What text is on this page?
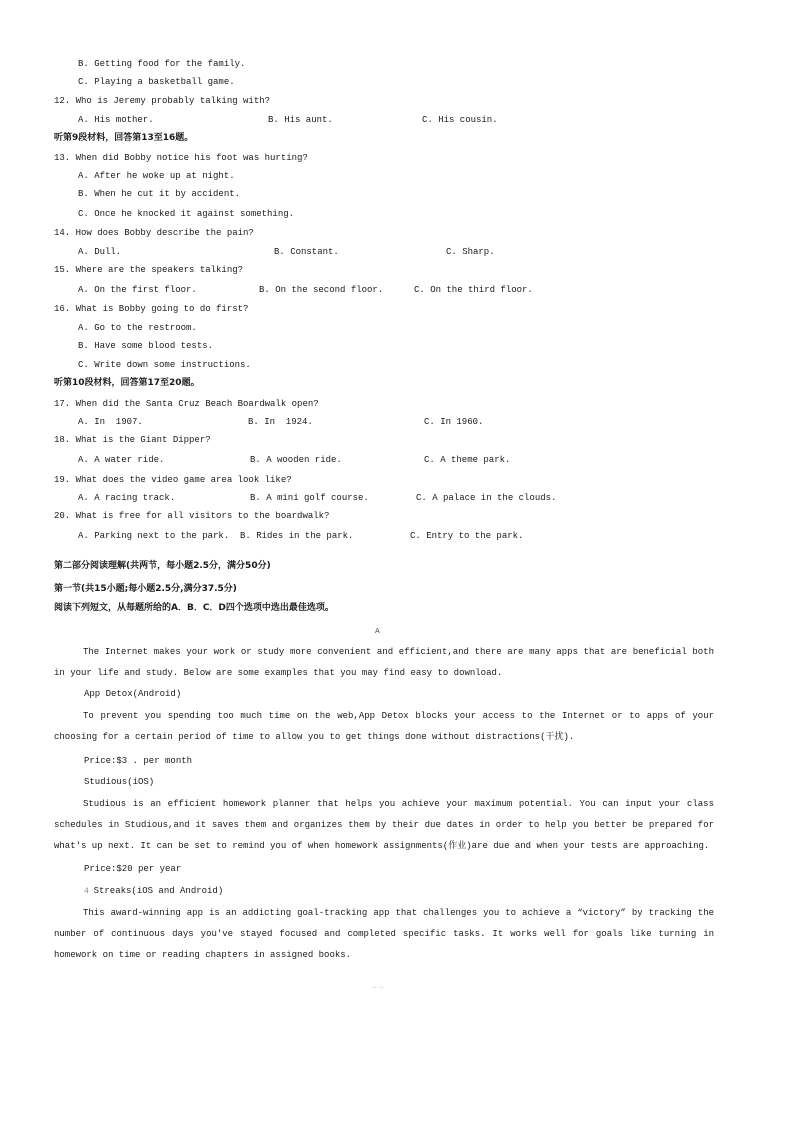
B. Getting food for the family.
C. Playing a basketball game.
12. Who is Jeremy probably talking with?
A. His mother.	B. His aunt.	C. His cousin.
听第9段材料，回答第13至16题。
13. When did Bobby notice his foot was hurting?
A. After he woke up at night.
B. When he cut it by accident.
C. Once he knocked it against something.
14. How does Bobby describe the pain?
A. Dull.	B. Constant.	C. Sharp.
15. Where are the speakers talking?
A. On the first floor.	B. On the second floor.	C. On the third floor.
16. What is Bobby going to do first?
A. Go to the restroom.
B. Have some blood tests.
C. Write down some instructions.
听第10段材料，回答第17至20题。
17. When did the Santa Cruz Beach Boardwalk open?
A. In  1907.	B. In  1924.	C. In 1960.
18. What is the Giant Dipper?
A. A water ride.	B. A wooden ride.	C. A theme park.
19. What does the video game area look like?
A. A racing track.	B. A mini golf course.	C. A palace in the clouds.
20. What is free for all visitors to the boardwalk?
A. Parking next to the park. B. Rides in the park.	C. Entry to the park.
第二部分阅读理解(共两节，每小题2.5分，满分50分)
第一节(共15小题;每小题2.5分,满分37.5分)
阅读下列短文，从每题所给的A．B．C．D四个选项中选出最佳选项。
A
The Internet makes your work or study more convenient and efficient,and there are many apps that are beneficial both in your life and study. Below are some examples that you may find easy to download.
App Detox(Android)
To prevent you spending too much time on the web,App Detox blocks your access to the Internet or to apps of your choosing for a certain period of time to allow you to get things done without distractions(干扰).
Price:$3 . per month
Studious(iOS)
Studious is an efficient homework planner that helps you achieve your maximum potential. You can input your class schedules in Studious,and it saves them and organizes them by their due dates in order to help you better be prepared for what's up next. It can be set to remind you of when homework assignments(作业)are due and when your tests are approaching.
Price:$20 per year
4 Streaks(iOS and Android)
This award-winning app is an addicting goal-tracking app that challenges you to achieve a “victory” by tracking the number of continuous days you've stayed focused and completed specific tasks. It works well for goals like turning in homework on time or reading chapters in assigned books.
— —
